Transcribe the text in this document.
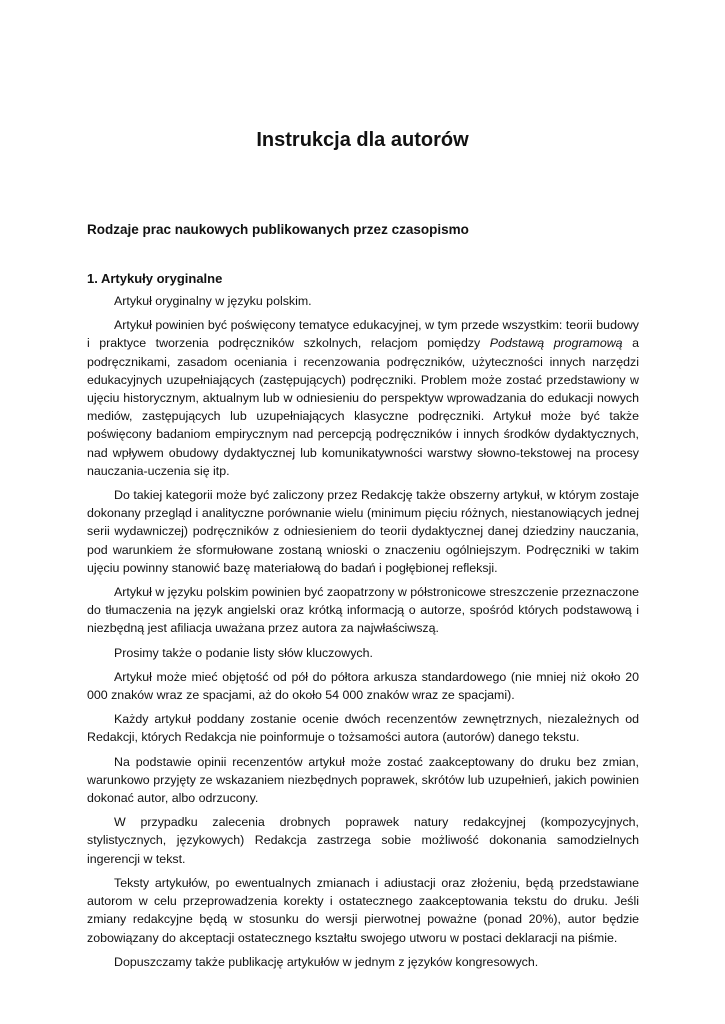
Instrukcja dla autorów
Rodzaje prac naukowych publikowanych przez czasopismo
1. Artykuły oryginalne

Artykuł oryginalny w języku polskim.

Artykuł powinien być poświęcony tematyce edukacyjnej, w tym przede wszystkim: teorii budowy i praktyce tworzenia podręczników szkolnych, relacjom pomiędzy Podstawą programową a podręcznikami, zasadom oceniania i recenzowania podręczników, użyteczności innych narzędzi edukacyjnych uzupełniających (zastępujących) podręczniki. Problem może zostać przedstawiony w ujęciu historycznym, aktualnym lub w odniesieniu do perspektyw wprowadzania do edukacji nowych mediów, zastępujących lub uzupełniających klasyczne podręczniki. Artykuł może być także poświęcony badaniom empirycznym nad percepcją podręczników i innych środków dydaktycznych, nad wpływem obudowy dydaktycznej lub komunikatywności warstwy słowno-tekstowej na procesy nauczania-uczenia się itp.

Do takiej kategorii może być zaliczony przez Redakcję także obszerny artykuł, w którym zostaje dokonany przegląd i analityczne porównanie wielu (minimum pięciu różnych, niestanowiących jednej serii wydawniczej) podręczników z odniesieniem do teorii dydaktycznej danej dziedziny nauczania, pod warunkiem że sformułowane zostaną wnioski o znaczeniu ogólniejszym. Podręczniki w takim ujęciu powinny stanowić bazę materiałową do badań i pogłębionej refleksji.

Artykuł w języku polskim powinien być zaopatrzony w półstronicowe streszczenie przeznaczone do tłumaczenia na język angielski oraz krótką informacją o autorze, spośród których podstawową i niezbędną jest afiliacja uważana przez autora za najwłaściwszą.

Prosimy także o podanie listy słów kluczowych.

Artykuł może mieć objętość od pół do półtora arkusza standardowego (nie mniej niż około 20 000 znaków wraz ze spacjami, aż do około 54 000 znaków wraz ze spacjami).

Każdy artykuł poddany zostanie ocenie dwóch recenzentów zewnętrznych, niezależnych od Redakcji, których Redakcja nie poinformuje o tożsamości autora (autorów) danego tekstu.

Na podstawie opinii recenzentów artykuł może zostać zaakceptowany do druku bez zmian, warunkowo przyjęty ze wskazaniem niezbędnych poprawek, skrótów lub uzupełnień, jakich powinien dokonać autor, albo odrzucony.

W przypadku zalecenia drobnych poprawek natury redakcyjnej (kompozycyjnych, stylistycznych, językowych) Redakcja zastrzega sobie możliwość dokonania samodzielnych ingerencji w tekst.

Teksty artykułów, po ewentualnych zmianach i adiustacji oraz złożeniu, będą przedstawiane autorom w celu przeprowadzenia korekty i ostatecznego zaakceptowania tekstu do druku. Jeśli zmiany redakcyjne będą w stosunku do wersji pierwotnej poważne (ponad 20%), autor będzie zobowiązany do akceptacji ostatecznego kształtu swojego utworu w postaci deklaracji na piśmie.

Dopuszczamy także publikację artykułów w jednym z języków kongresowych.
